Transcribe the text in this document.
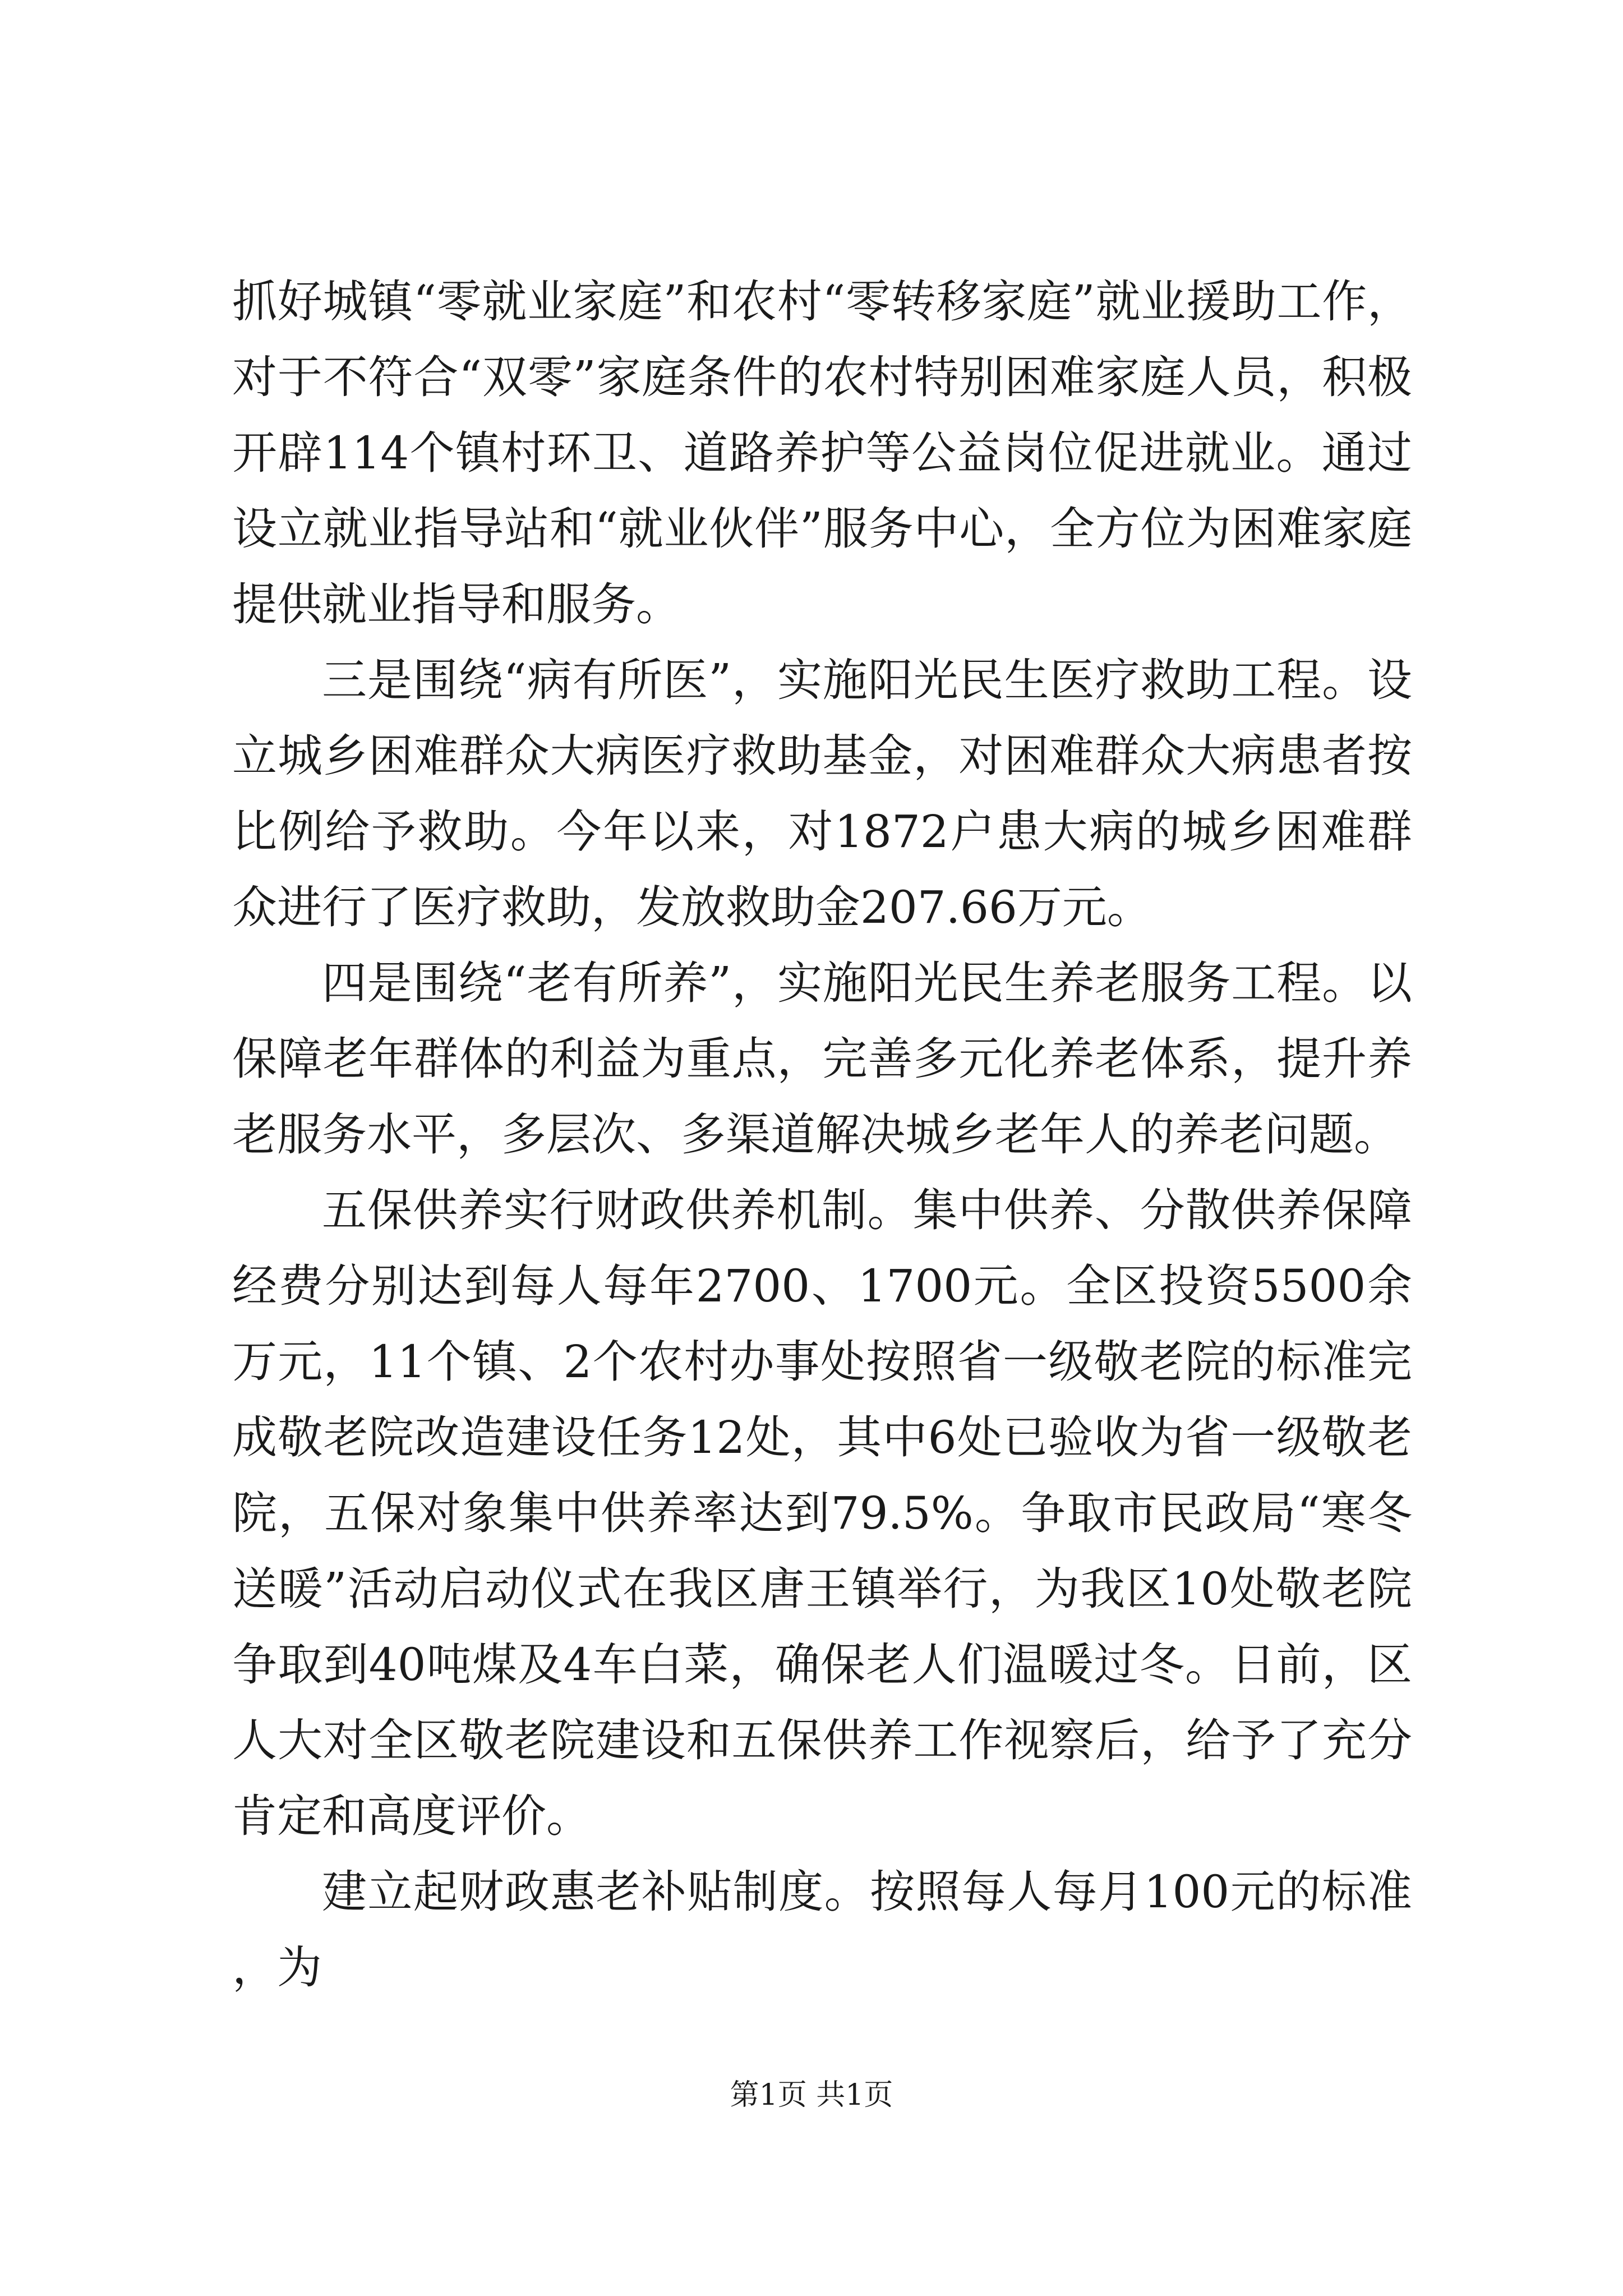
抓好城镇“零就业家庭”和农村“零转移家庭”就业援助工作，对于不符合“双零”家庭条件的农村特别困难家庭人员，积极开辟114个镇村环卫、道路养护等公益岗位促进就业。通过设立就业指导站和“就业伙伴”服务中心，全方位为困难家庭提供就业指导和服务。

三是围绕“病有所医”，实施阳光民生医疗救助工程。设立城乡困难群众大病医疗救助基金，对困难群众大病患者按比例给予救助。今年以来，对1872户患大病的城乡困难群众进行了医疗救助，发放救助金207.66万元。

四是围绕“老有所养”，实施阳光民生养老服务工程。以保障老年群体的利益为重点，完善多元化养老体系，提升养老服务水平，多层次、多渠道解决城乡老年人的养老问题。

五保供养实行财政供养机制。集中供养、分散供养保障经费分别达到每人每年2700、1700元。全区投资5500余万元，11个镇、2个农村办事处按照省一级敬老院的标准完成敬老院改造建设任务12处，其中6处已验收为省一级敬老院，五保对象集中供养率达到79.5%。争取市民政局“寒冬送暖”活动启动仪式在我区唐王镇举行，为我区10处敬老院争取到40吨煤及4车白菜，确保老人们温暖过冬。日前，区人大对全区敬老院建设和五保供养工作视察后，给予了充分肯定和高度评价。

建立起财政惠老补贴制度。按照每人每月100元的标准，为

第1页 共1页
